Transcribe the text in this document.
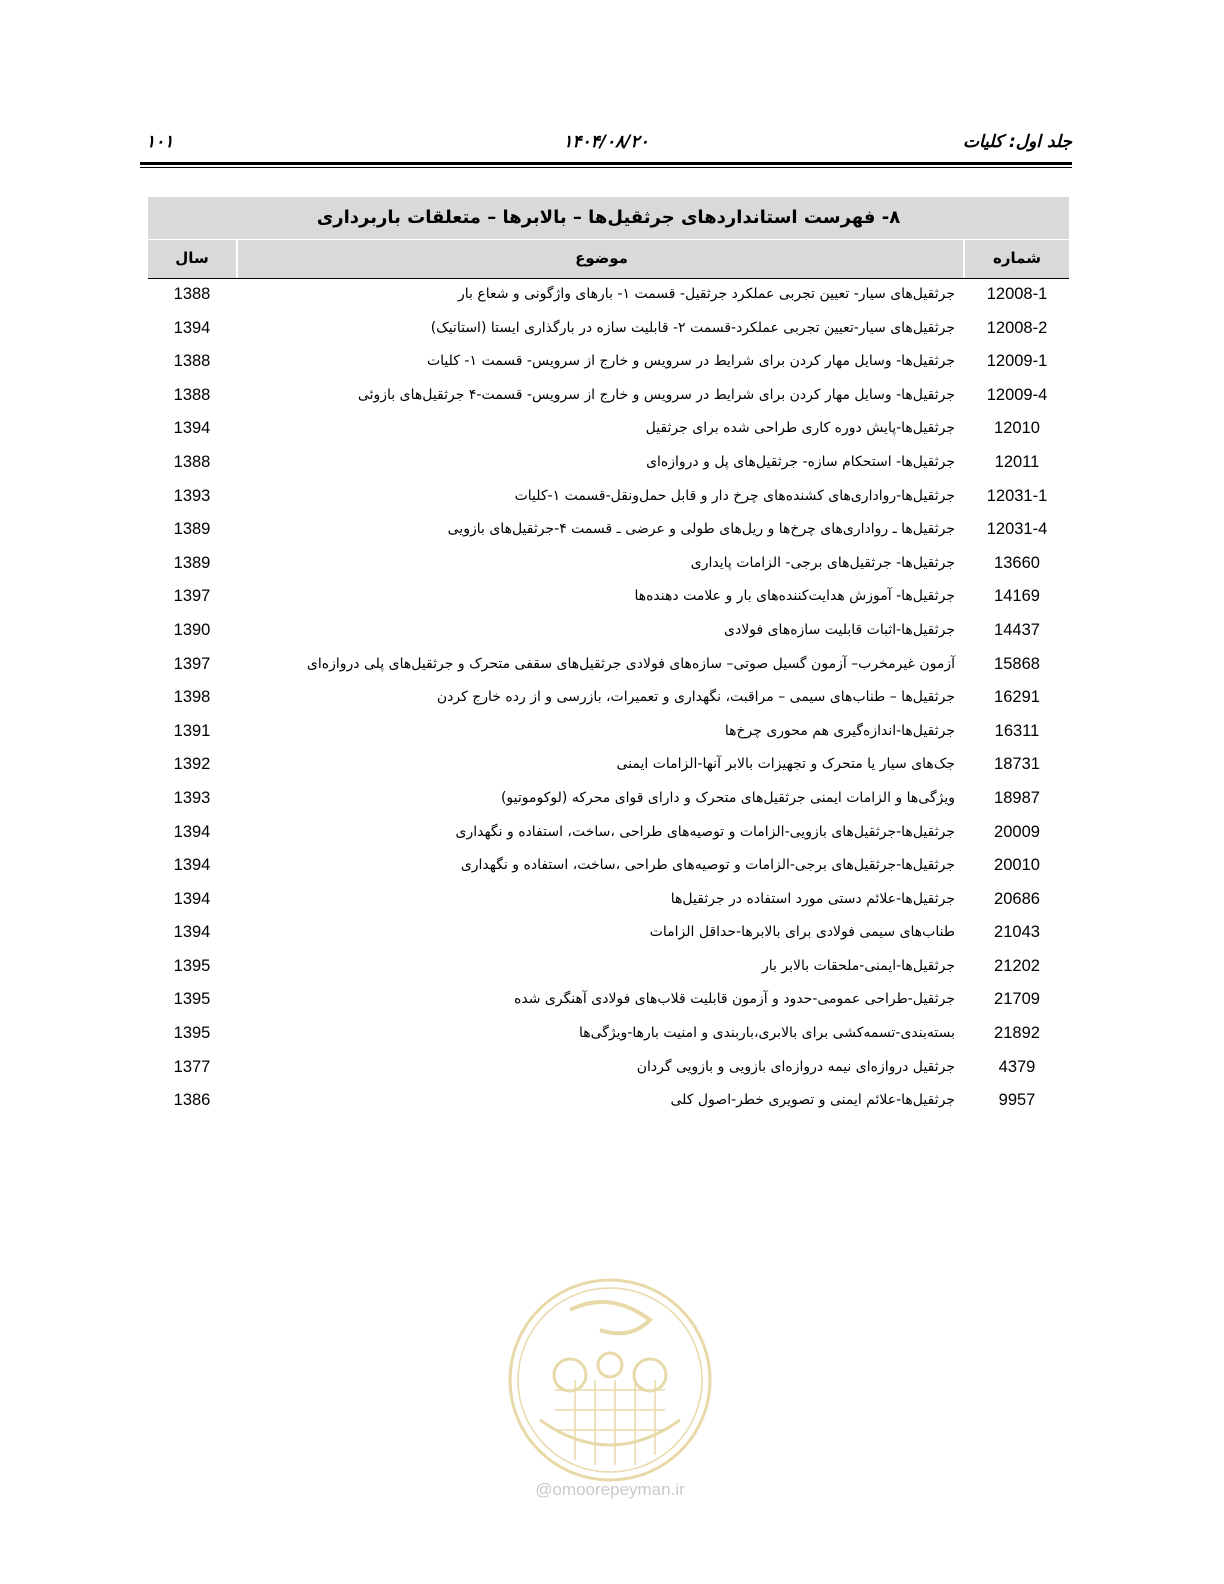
جلد اول: کلیات
۱۴۰۴/۰۸/۲۰
۱۰۱
۸- فهرست استانداردهای جرثقیل‌ها – بالابرها – متعلقات باربرداری
شماره
موضوع
سال
12008-1
جرثقیل‌های سیار- تعیین تجربی عملکرد جرثقیل- قسمت ۱- بارهای واژگونی و شعاع بار
1388
12008-2
جرثقیل‌های سیار-تعیین تجربی عملکرد-قسمت ۲- قابلیت سازه در بارگذاری ایستا (استاتیک)
1394
12009-1
جرثقیل‌ها- وسایل مهار کردن برای شرایط در سرویس و خارج از سرویس- قسمت ۱- کلیات
1388
12009-4
جرثقیل‌ها- وسایل مهار کردن برای شرایط در سرویس و خارج از سرویس- قسمت-۴ جرثقیل‌های بازوئی
1388
12010
جرثقیل‌ها-پایش دوره کاری طراحی شده برای جرثقیل
1394
12011
جرثقیل‌ها- استحکام سازه- جرثقیل‌های پل و دروازه‌ای
1388
12031-1
جرثقیل‌ها-رواداری‌های کشنده‌های چرخ دار و قابل حمل‌ونقل-قسمت ۱-کلیات
1393
12031-4
جرثقیل‌ها ـ رواداری‌های چرخ‌ها و ریل‌های طولی و عرضی ـ قسمت ۴-جرثقیل‌های بازویی
1389
13660
جرثقیل‌ها- جرثقیل‌های برجی- الزامات پایداری
1389
14169
جرثقیل‌ها- آموزش هدایت‌کننده‌های بار و علامت دهنده‌ها
1397
14437
جرثقیل‌ها-اثبات قابلیت سازه‌های فولادی
1390
15868
آزمون غیرمخرب– آزمون گسیل صوتی– سازه‌های فولادی جرثقیل‌های سقفی متحرک و جرثقیل‌های پلی دروازه‌ای
1397
16291
جرثقیل‌ها – طناب‌های سیمی – مراقبت، نگهداری و تعمیرات، بازرسی و از رده خارج کردن
1398
16311
جرثقیل‌ها-اندازه‌گیری هم محوری چرخ‌ها
1391
18731
جک‌های سیار یا متحرک و تجهیزات بالابر آنها-الزامات ایمنی
1392
18987
ویژگی‌ها و الزامات ایمنی جرثقیل‌های متحرک و دارای قوای محرکه (لوکوموتیو)
1393
20009
جرثقیل‌ها-جرثقیل‌های بازویی-الزامات و توصیه‌های طراحی ،ساخت، استفاده و نگهداری
1394
20010
جرثقیل‌ها-جرثقیل‌های برجی-الزامات و توصیه‌های طراحی ،ساخت، استفاده و نگهداری
1394
20686
جرثقیل‌ها-علائم دستی مورد استفاده در جرثقیل‌ها
1394
21043
طناب‌های سیمی فولادی برای بالابرها-حداقل الزامات
1394
21202
جرثقیل‌ها-ایمنی-ملحقات بالابر بار
1395
21709
جرثقیل-طراحی عمومی-حدود و آزمون قابلیت قلاب‌های فولادی آهنگری شده
1395
21892
بسته‌بندی-تسمه‌کشی برای بالابری،باربندی و امنیت بارها-ویژگی‌ها
1395
4379
جرثقیل دروازه‌ای نیمه دروازه‌ای بازویی و بازویی گردان
1377
9957
جرثقیل‌ها-علائم ایمنی و تصویری خطر-اصول کلی
1386
@omoorepeyman.ir
